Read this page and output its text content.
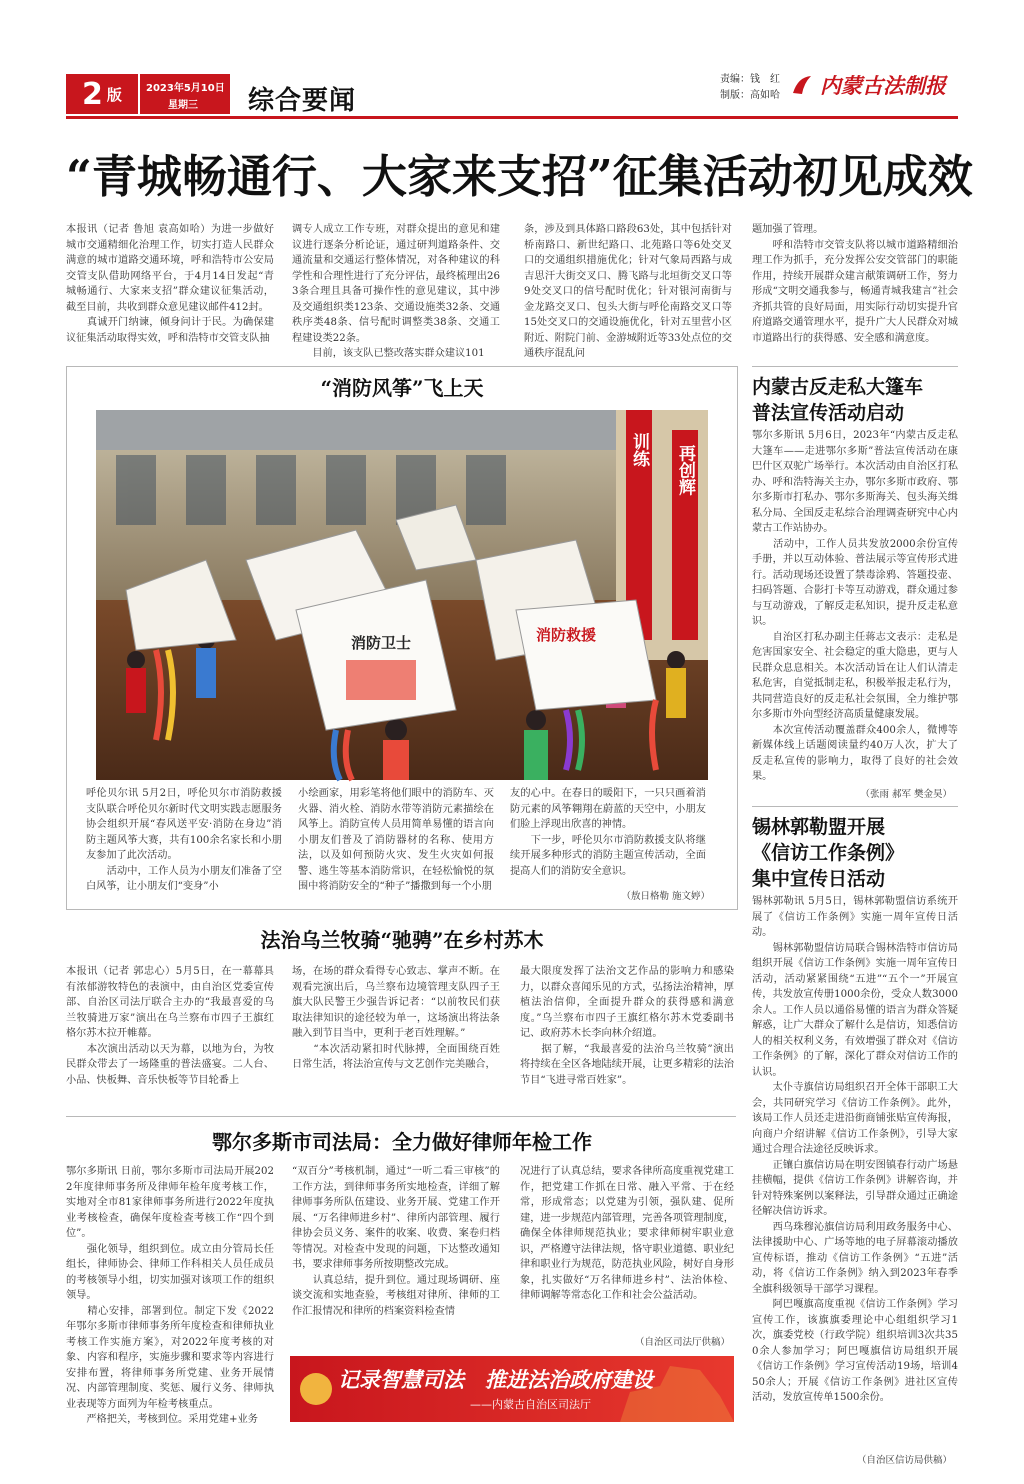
2 版 2023年5月10日
星期三 综合要闻
责编：钱　红
制版：高如哈 内蒙古法制报
“青城畅通行、大家来支招”征集活动初见成效
本报讯（记者 鲁旭 袁高如哈）为进一步做好城市交通精细化治理工作，切实打造人民群众满意的城市道路交通环境，呼和浩特市公安局交管支队借助网络平台，于4月14日发起“青城畅通行、大家来支招”群众建议征集活动，截至目前，共收到群众意见建议邮件412封。
　　真诚开门纳谏，倾身问计于民。为确保建议征集活动取得实效，呼和浩特市交管支队抽
调专人成立工作专班，对群众提出的意见和建议进行逐条分析论证，通过研判道路条件、交通流量和交通运行整体情况，对各种建议的科学性和合理性进行了充分评估，最终梳理出263条合理且具备可操作性的意见建议，其中涉及交通组织类123条、交通设施类32条、交通秩序类48条、信号配时调整类38条、交通工程建设类22条。
　　目前，该支队已整改落实群众建议101
条，涉及到具体路口路段63处，其中包括针对桥南路口、新世纪路口、北苑路口等6处交叉口的交通组织措施优化；针对气象局西路与成吉思汗大街交叉口、腾飞路与北垣街交叉口等9处交叉口的信号配时优化；针对银河南街与金龙路交叉口、包头大街与呼伦南路交叉口等15处交叉口的交通设施优化，针对五里营小区附近、附院门前、金游城附近等33处点位的交通秩序混乱问
题加强了管理。
　　呼和浩特市交管支队将以城市道路精细治理工作为抓手，充分发挥公安交管部门的职能作用，持续开展群众建言献策调研工作，努力形成“文明交通我参与，畅通青城我建言”社会齐抓共管的良好局面，用实际行动切实提升官府道路交通管理水平，提升广大人民群众对城市道路出行的获得感、安全感和满意度。
“消防风筝”飞上天
训练 再创辉
消防卫士	消防救援
呼伦贝尔讯 5月2日，呼伦贝尔市消防救援支队联合呼伦贝尔新时代文明实践志愿服务协会组织开展“春风送平安·消防在身边”消防主题风筝大赛，共有100余名家长和小朋友参加了此次活动。
　　活动中，工作人员为小朋友们准备了空白风筝，让小朋友们“变身”小
小绘画家，用彩笔将他们眼中的消防车、灭火器、消火栓、消防水带等消防元素描绘在风筝上。消防宣传人员用简单易懂的语言向小朋友们普及了消防器材的名称、使用方法，以及如何预防火灾、发生火灾如何报警、逃生等基本消防常识，在轻松愉悦的氛围中将消防安全的“种子”播撒到每一个小朋
友的心中。在春日的暖阳下，一只只画着消防元素的风筝翱翔在蔚蓝的天空中，小朋友们脸上浮现出欣喜的神情。
　　下一步，呼伦贝尔市消防救援支队将继续开展多种形式的消防主题宣传活动，全面提高人们的消防安全意识。
（敖日格勒 施文婷）
法治乌兰牧骑“驰骋”在乡村苏木
本报讯（记者 郭忠心）5月5日，在一幕幕具有浓郁游牧特色的表演中，由自治区党委宣传部、自治区司法厅联合主办的“我最喜爱的乌兰牧骑进万家”演出在乌兰察布市四子王旗红格尔苏木拉开帷幕。
　　本次演出活动以天为幕，以地为台，为牧民群众带去了一场隆重的普法盛宴。二人台、小品、快板舞、音乐快板等节目轮番上
场，在场的群众看得专心致志、掌声不断。在观看完演出后，乌兰察布边境管理支队四子王旗大队民警王少强告诉记者：“以前牧民们获取法律知识的途径较为单一，这场演出将法条融入到节目当中，更利于老百姓理解。”
　　“本次活动紧扣时代脉搏，全面围绕百姓日常生活，将法治宣传与文艺创作完美融合，
最大限度发挥了法治文艺作品的影响力和感染力，以群众喜闻乐见的方式，弘扬法治精神，厚植法治信仰，全面提升群众的获得感和满意度。”乌兰察布市四子王旗红格尔苏木党委副书记、政府苏木长李向林介绍道。
　　据了解，“我最喜爱的法治乌兰牧骑”演出将持续在全区各地陆续开展，让更多精彩的法治节目“飞进寻常百姓家”。
鄂尔多斯市司法局：全力做好律师年检工作
鄂尔多斯讯 日前，鄂尔多斯市司法局开展2022年度律师事务所及律师年检年度考核工作，实地对全市81家律师事务所进行2022年度执业考核检查，确保年度检查考核工作“四个到位”。
　　强化领导，组织到位。成立由分管局长任组长，律师协会、律师工作科相关人员任成员的考核领导小组，切实加强对该项工作的组织领导。
　　精心安排，部署到位。制定下发《2022年鄂尔多斯市律师事务所年度检查和律师执业考核工作实施方案》，对2022年度考核的对象、内容和程序，实施步骤和要求等内容进行安排布置，将律师事务所党建、业务开展情况、内部管理制度、奖惩、履行义务、律师执业表现等方面列为年检考核重点。
　　严格把关，考核到位。采用党建+业务
“双百分”考核机制，通过“一听二看三审核”的工作方法，到律师事务所实地检查，详细了解律师事务所队伍建设、业务开展、党建工作开展、“万名律师进乡村”、律所内部管理、履行律协会员义务、案件的收案、收费、案卷归档等情况。对检查中发现的问题，下达整改通知书，要求律师事务所按期整改完成。
　　认真总结，提升到位。通过现场调研、座谈交流和实地查验，考核组对律所、律师的工作汇报情况和律所的档案资料检查情
况进行了认真总结，要求各律所高度重视党建工作，把党建工作抓在日常、融入平常、于在经常，形成常态；以党建为引领，强队建、促所建，进一步规范内部管理，完善各项管理制度，确保全体律师规范执业；要求律师树牢职业意识，严格遵守法律法规，恪守职业道德、职业纪律和职业行为规范，防范执业风险，树好自身形象，扎实做好“万名律师进乡村”、法治体检、律师调解等常态化工作和社会公益活动。
（自治区司法厅供稿）
记录智慧司法　推进法治政府建设
——内蒙古自治区司法厅
内蒙古反走私大篷车
普法宣传活动启动
鄂尔多斯讯 5月6日，2023年“内蒙古反走私大篷车——走进鄂尔多斯”普法宣传活动在康巴什区双驼广场举行。本次活动由自治区打私办、呼和浩特海关主办，鄂尔多斯市政府、鄂尔多斯市打私办、鄂尔多斯海关、包头海关缉私分局、全国反走私综合治理调查研究中心内蒙古工作站协办。
　　活动中，工作人员共发放2000余份宣传手册，并以互动体验、普法展示等宣传形式进行。活动现场还设置了禁毒涂鸦、答题投壶、扫码答题、合影打卡等互动游戏，群众通过参与互动游戏，了解反走私知识，提升反走私意识。
　　自治区打私办副主任蒋志文表示：走私是危害国家安全、社会稳定的重大隐患，更与人民群众息息相关。本次活动旨在让人们认清走私危害，自觉抵制走私，积极举报走私行为，共同营造良好的反走私社会氛围，全力维护鄂尔多斯市外向型经济高质量健康发展。
　　本次宣传活动覆盖群众400余人，微博等新媒体线上话题阅读量约40万人次，扩大了反走私宣传的影响力，取得了良好的社会效果。
（张雨 郝军 樊金昊）
锡林郭勒盟开展
《信访工作条例》
集中宣传日活动
锡林郭勒讯 5月5日，锡林郭勒盟信访系统开展了《信访工作条例》实施一周年宣传日活动。
　　锡林郭勒盟信访局联合锡林浩特市信访局组织开展《信访工作条例》实施一周年宣传日活动，活动紧紧围绕“五进”“五个一”开展宣传，共发放宣传册1000余份，受众人数3000余人。工作人员以通俗易懂的语言为群众答疑解惑，让广大群众了解什么是信访，知悉信访人的相关权利义务，有效增强了群众对《信访工作条例》的了解，深化了群众对信访工作的认识。
　　太仆寺旗信访局组织召开全体干部职工大会，共同研究学习《信访工作条例》。此外，该局工作人员还走进沿街商铺张贴宣传海报，向商户介绍讲解《信访工作条例》，引导大家通过合理合法途径反映诉求。
　　正镶白旗信访局在明安图镇春行动广场悬挂横幅，提供《信访工作条例》讲解咨询，并针对特殊案例以案释法，引导群众通过正确途径解决信访诉求。
　　西乌珠穆沁旗信访局利用政务服务中心、法律援助中心、广场等地的电子屏幕滚动播放宣传标语，推动《信访工作条例》“五进”活动，将《信访工作条例》纳入到2023年春季全旗科级领导干部学习课程。
　　阿巴嘎旗高度重视《信访工作条例》学习宣传工作，该旗旗委理论中心组组织学习1次，旗委党校（行政学院）组织培训3次共350余人参加学习；阿巴嘎旗信访局组织开展《信访工作条例》学习宣传活动19场，培训450余人；开展《信访工作条例》进社区宣传活动，发放宣传单1500余份。
（自治区信访局供稿）
